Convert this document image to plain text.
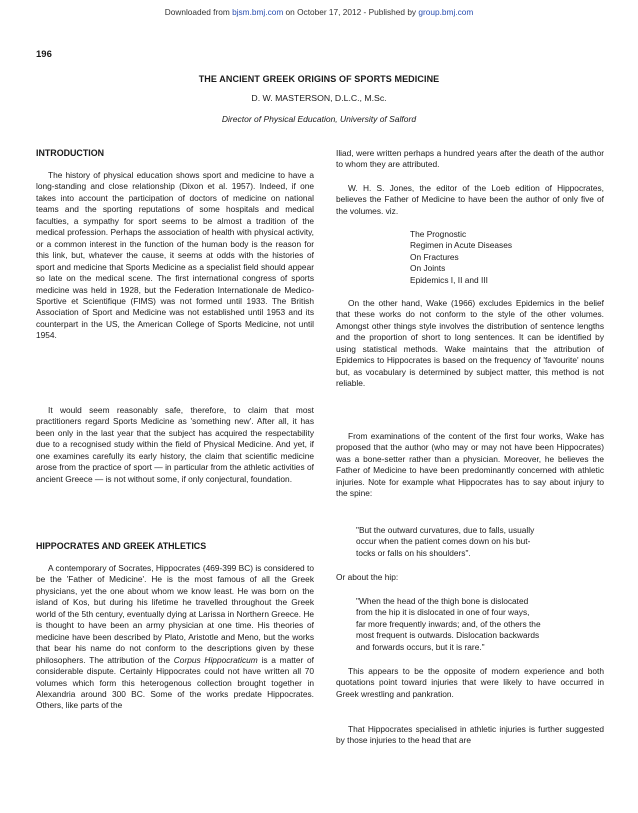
Downloaded from bjsm.bmj.com on October 17, 2012 - Published by group.bmj.com
196
THE ANCIENT GREEK ORIGINS OF SPORTS MEDICINE
D. W. MASTERSON, D.L.C., M.Sc.
Director of Physical Education, University of Salford
INTRODUCTION

The history of physical education shows sport and medicine to have a long-standing and close relationship (Dixon et al. 1957). Indeed, if one takes into account the participation of doctors of medicine on national teams and the sporting reputations of some hospitals and medical faculties, a sympathy for sport seems to be almost a tradition of the medical profession. Perhaps the association of health with physical activity, or a common interest in the function of the human body is the reason for this link, but, whatever the cause, it seems at odds with the histories of sport and medicine that Sports Medicine as a specialist field should appear so late on the medical scene. The first international congress of sports medicine was held in 1928, but the Federation Internationale de Medico-Sportive et Scientifique (FIMS) was not formed until 1933. The British Association of Sport and Medicine was not established until 1953 and its counterpart in the US, the American College of Sports Medicine, not until 1954.

It would seem reasonably safe, therefore, to claim that most practitioners regard Sports Medicine as 'something new'. After all, it has been only in the last year that the subject has acquired the respectability due to a recognised study within the field of Physical Medicine. And yet, if one examines carefully its early history, the claim that scientific medicine arose from the practice of sport — in particular from the athletic activities of ancient Greece — is not without some, if only conjectural, foundation.

HIPPOCRATES AND GREEK ATHLETICS

A contemporary of Socrates, Hippocrates (469-399 BC) is considered to be the 'Father of Medicine'. He is the most famous of all the Greek physicians, yet the one about whom we know least. He was born on the island of Kos, but during his lifetime he travelled throughout the Greek world of the 5th century, eventually dying at Larissa in Northern Greece. He is thought to have been an army physician at one time. His theories of medicine have been described by Plato, Aristotle and Meno, but the works that bear his name do not conform to the descriptions given by these philosophers. The attribution of the Corpus Hippocraticum is a matter of considerable dispute. Certainly Hippocrates could not have written all 70 volumes which form this heterogenous collection brought together in Alexandria around 300 BC. Some of the works predate Hippocrates. Others, like parts of the

Iliad, were written perhaps a hundred years after the death of the author to whom they are attributed.

W. H. S. Jones, the editor of the Loeb edition of Hippocrates, believes the Father of Medicine to have been the author of only five of the volumes. viz.

The Prognostic
Regimen in Acute Diseases
On Fractures
On Joints
Epidemics I, II and III

On the other hand, Wake (1966) excludes Epidemics in the belief that these works do not conform to the style of the other volumes. Amongst other things style involves the distribution of sentence lengths and the proportion of short to long sentences. It can be identified by using statistical methods. Wake maintains that the attribution of Epidemics to Hippocrates is based on the frequency of 'favourite' nouns but, as vocabulary is determined by subject matter, this method is not reliable.

From examinations of the content of the first four works, Wake has proposed that the author (who may or may not have been Hippocrates) was a bone-setter rather than a physician. Moreover, he believes the Father of Medicine to have been predominantly concerned with athletic injuries. Note for example what Hippocrates has to say about injury to the spine:

"But the outward curvatures, due to falls, usually
occur when the patient comes down on his but-
tocks or falls on his shoulders".

Or about the hip:

"When the head of the thigh bone is dislocated
from the hip it is dislocated in one of four ways,
far more frequently inwards; and, of the others the
most frequent is outwards. Dislocation backwards
and forwards occurs, but it is rare."

This appears to be the opposite of modern experience and both quotations point toward injuries that were likely to have occurred in Greek wrestling and pankration.

That Hippocrates specialised in athletic injuries is further suggested by those injuries to the head that are
